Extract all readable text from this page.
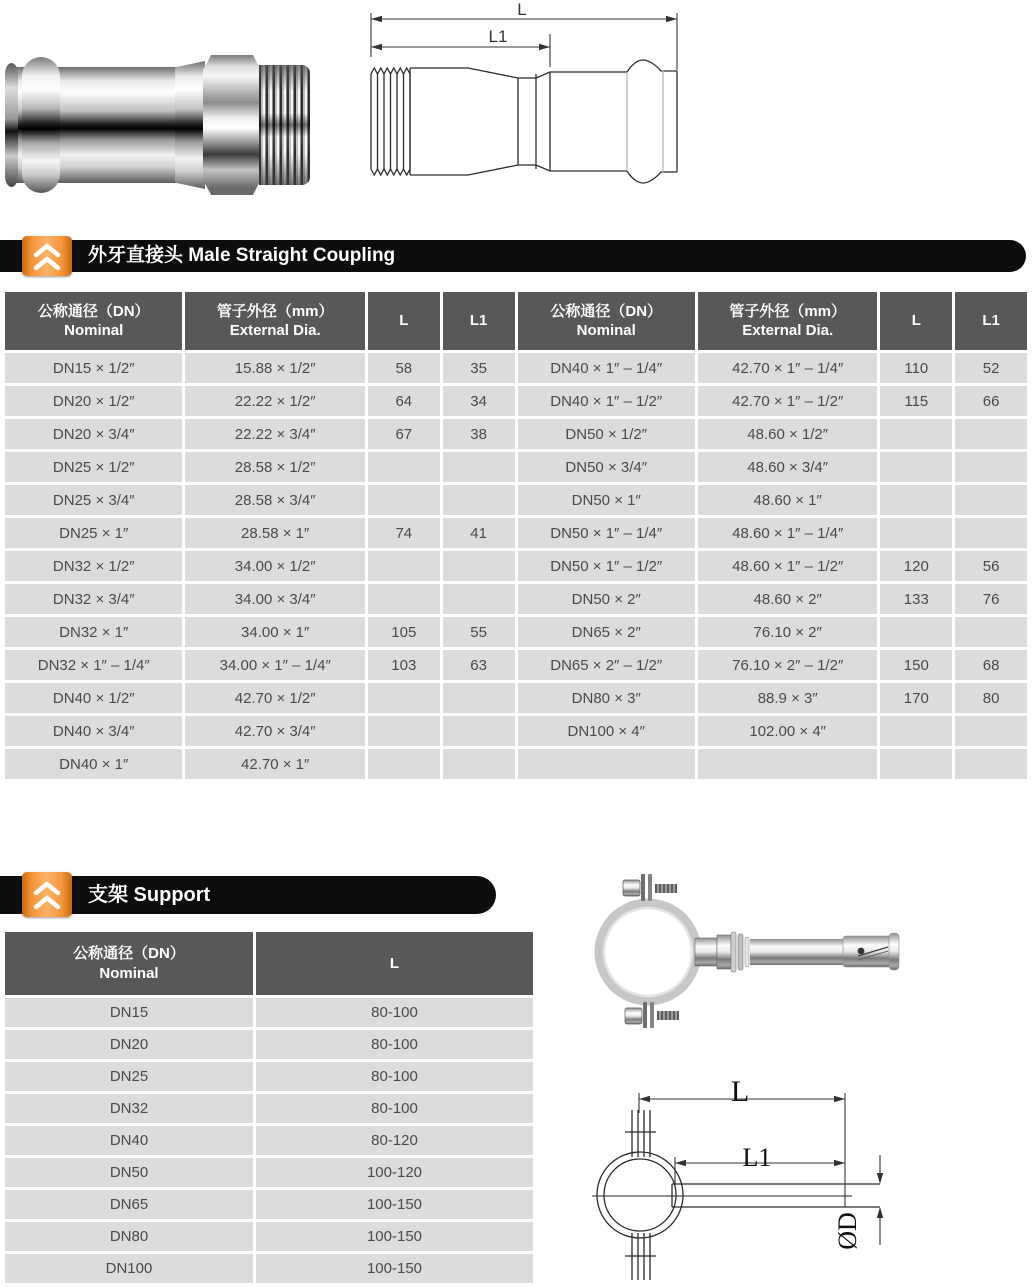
L
L1
外牙直接头 Male Straight Coupling
公称通径（DN）
Nominal
管子外径（mm）
External Dia.
L	L1
DN15 × 1/2″	15.88 × 1/2″	58	35
DN20 × 1/2″	22.22 × 1/2″	64	34
DN20 × 3/4″	22.22 × 3/4″	67	38
DN25 × 1/2″	28.58 × 1/2″
DN25 × 3/4″	28.58 × 3/4″
DN25 × 1″	28.58 × 1″	74	41
DN32 × 1/2″	34.00 × 1/2″
DN32 × 3/4″	34.00 × 3/4″
DN32 × 1″	34.00 × 1″	105	55
DN32 × 1″ – 1/4″	34.00 × 1″ – 1/4″	103	63
DN40 × 1/2″	42.70 × 1/2″
DN40 × 3/4″	42.70 × 3/4″
DN40 × 1″	42.70 × 1″
公称通径（DN）
Nominal
管子外径（mm）
External Dia.
L	L1
DN40 × 1″ – 1/4″	42.70 × 1″ – 1/4″	110	52
DN40 × 1″ – 1/2″	42.70 × 1″ – 1/2″	115	66
DN50 × 1/2″	48.60 × 1/2″
DN50 × 3/4″	48.60 × 3/4″
DN50 × 1″	48.60 × 1″
DN50 × 1″ – 1/4″	48.60 × 1″ – 1/4″
DN50 × 1″ – 1/2″	48.60 × 1″ – 1/2″	120	56
DN50 × 2″	48.60 × 2″	133	76
DN65 × 2″	76.10 × 2″
DN65 × 2″ – 1/2″	76.10 × 2″ – 1/2″	150	68
DN80 × 3″	88.9 × 3″	170	80
DN100 × 4″	102.00 × 4″
支架 Support
公称通径（DN）
Nominal
L
DN15	80-100
DN20	80-100
DN25	80-100
DN32	80-100
DN40	80-120
DN50	100-120
DN65	100-150
DN80	100-150
DN100	100-150
L
L1
ØD
